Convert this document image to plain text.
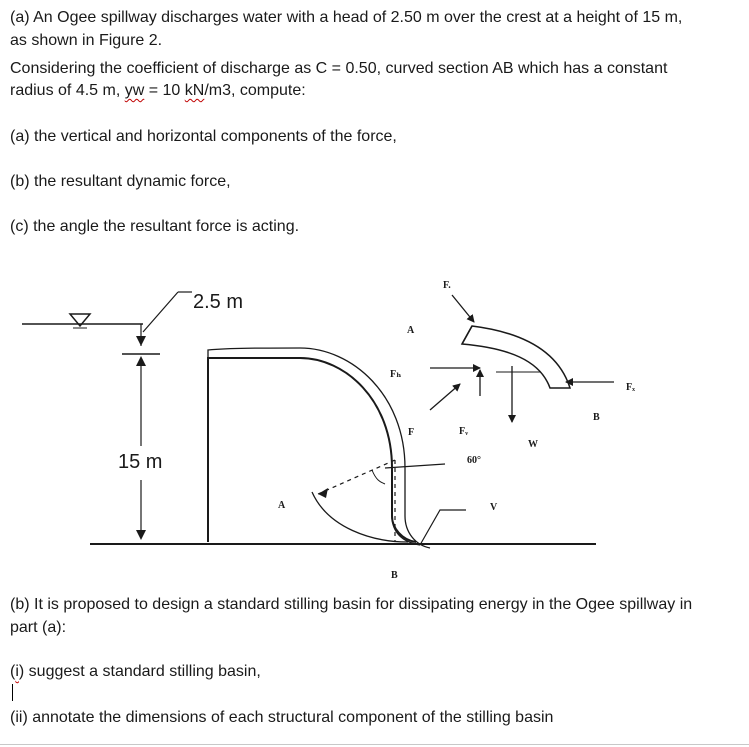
(a) An Ogee spillway discharges water with a head of 2.50 m over the crest at a height of 15 m,
as shown in Figure 2.
Considering the coefficient of discharge as C = 0.50, curved section AB which has a constant
radius of 4.5 m, yw = 10 kN/m3, compute:
(a) the vertical and horizontal components of the force,
(b) the resultant dynamic force,
(c) the angle the resultant force is acting.
2.5 m
15 m
A
A
B
Fₕ
F
F.
Fᵥ
W
Fₓ
B
60°
V
(b) It is proposed to design a standard stilling basin for dissipating energy in the Ogee spillway in
part (a):
(i) suggest a standard stilling basin,
(ii) annotate the dimensions of each structural component of the stilling basin
